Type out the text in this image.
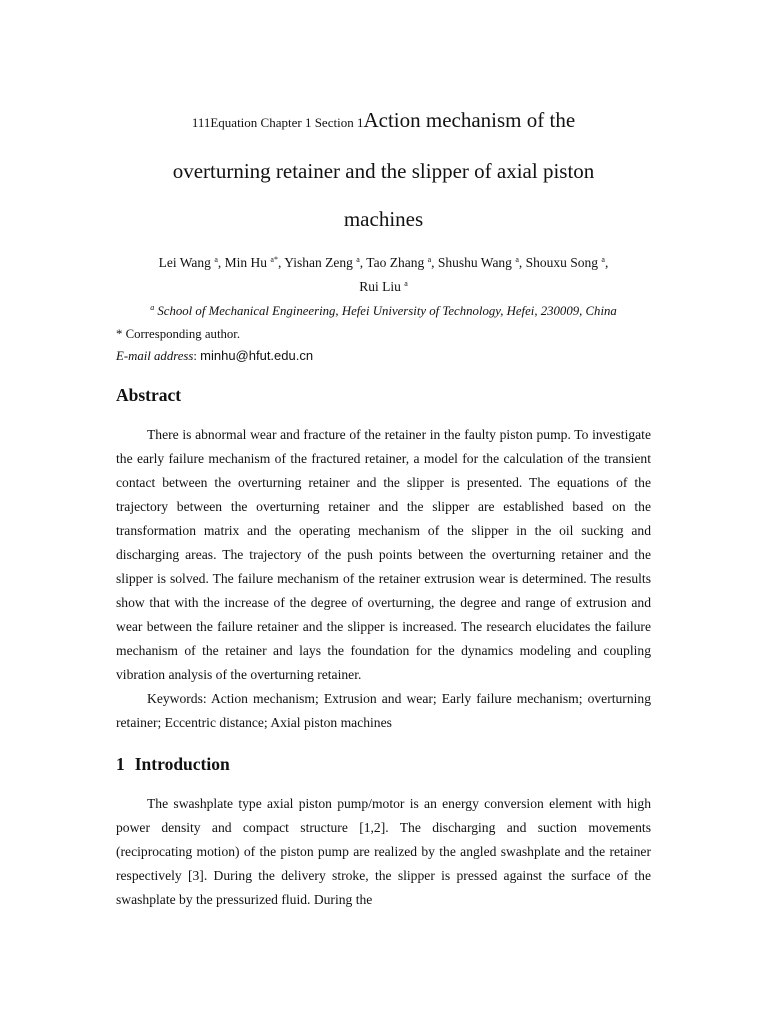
111Equation Chapter 1 Section 1Action mechanism of the
overturning retainer and the slipper of axial piston
machines
Lei Wang $^a$, Min Hu $^{a*}$, Yishan Zeng $^a$, Tao Zhang $^a$, Shushu Wang $^a$, Shouxu Song $^a$,
Rui Liu $^a$
$^a$ School of Mechanical Engineering, Hefei University of Technology, Hefei, 230009, China
* Corresponding author.
E-mail address: minhu@hfut.edu.cn
Abstract

There is abnormal wear and fracture of the retainer in the faulty piston pump. To investigate the early failure mechanism of the fractured retainer, a model for the calculation of the transient contact between the overturning retainer and the slipper is presented. The equations of the trajectory between the overturning retainer and the slipper are established based on the transformation matrix and the operating mechanism of the slipper in the oil sucking and discharging areas. The trajectory of the push points between the overturning retainer and the slipper is solved. The failure mechanism of the retainer extrusion wear is determined. The results show that with the increase of the degree of overturning, the degree and range of extrusion and wear between the failure retainer and the slipper is increased. The research elucidates the failure mechanism of the retainer and lays the foundation for the dynamics modeling and coupling vibration analysis of the overturning retainer.

Keywords: Action mechanism; Extrusion and wear; Early failure mechanism; overturning retainer; Eccentric distance; Axial piston machines

1 Introduction

The swashplate type axial piston pump/motor is an energy conversion element with high power density and compact structure [1,2]. The discharging and suction movements (reciprocating motion) of the piston pump are realized by the angled swashplate and the retainer respectively [3]. During the delivery stroke, the slipper is pressed against the surface of the swashplate by the pressurized fluid. During the
